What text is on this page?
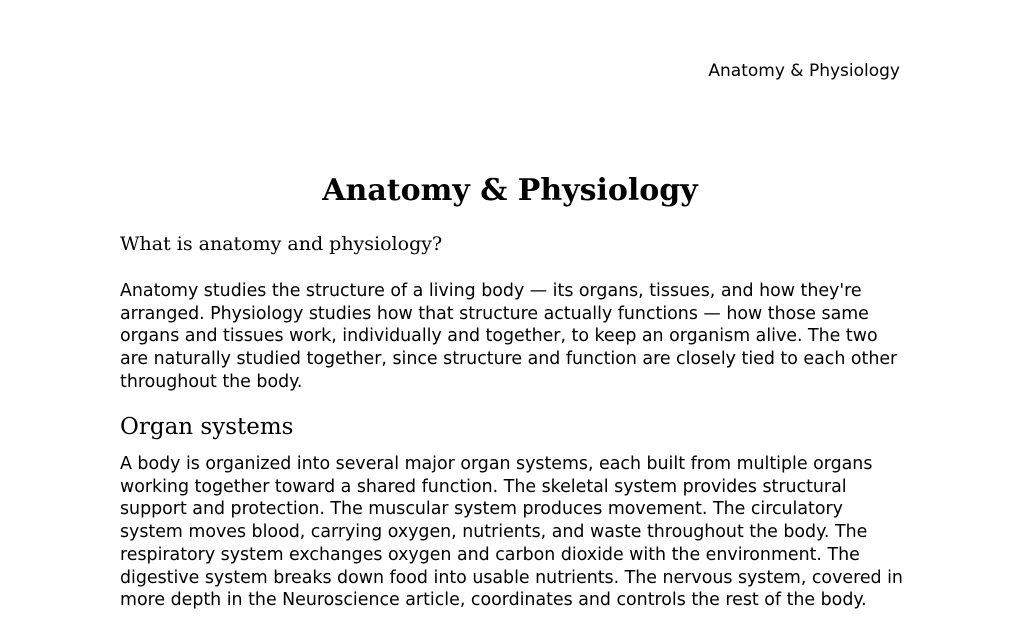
Anatomy & Physiology
Anatomy & Physiology
What is anatomy and physiology?

Anatomy studies the structure of a living body — its organs, tissues, and how they're arranged. Physiology studies how that structure actually functions — how those same organs and tissues work, individually and together, to keep an organism alive. The two are naturally studied together, since structure and function are closely tied to each other throughout the body.

Organ systems

A body is organized into several major organ systems, each built from multiple organs working together toward a shared function. The skeletal system provides structural support and protection. The muscular system produces movement. The circulatory system moves blood, carrying oxygen, nutrients, and waste throughout the body. The respiratory system exchanges oxygen and carbon dioxide with the environment. The digestive system breaks down food into usable nutrients. The nervous system, covered in more depth in the Neuroscience article, coordinates and controls the rest of the body.
